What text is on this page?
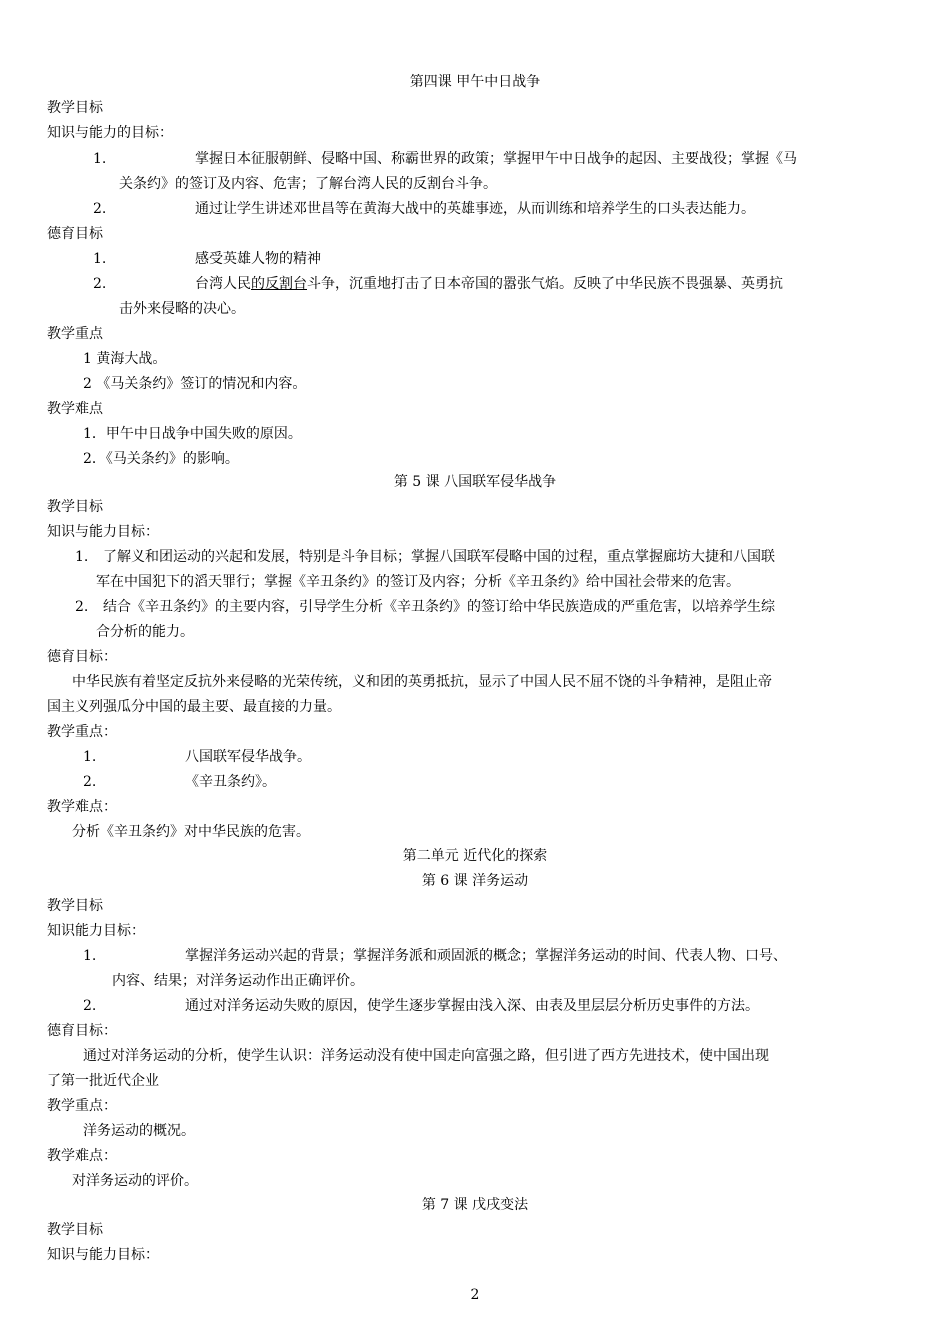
第四课 甲午中日战争
教学目标
知识与能力的目标：
1.	掌握日本征服朝鲜、侵略中国、称霸世界的政策；掌握甲午中日战争的起因、主要战役；掌握《马
关条约》的签订及内容、危害；了解台湾人民的反割台斗争。
2.	通过让学生讲述邓世昌等在黄海大战中的英雄事迹，从而训练和培养学生的口头表达能力。
德育目标
1.	感受英雄人物的精神
2.	台湾人民的反割台斗争，沉重地打击了日本帝国的嚣张气焰。反映了中华民族不畏强暴、英勇抗
击外来侵略的决心。
教学重点
1 黄海大战。
2 《马关条约》签订的情况和内容。
教学难点
1．甲午中日战争中国失败的原因。
2．《马关条约》的影响。
第 5 课 八国联军侵华战争
教学目标
知识与能力目标：
1. 了解义和团运动的兴起和发展，特别是斗争目标；掌握八国联军侵略中国的过程，重点掌握廊坊大捷和八国联
军在中国犯下的滔天罪行；掌握《辛丑条约》的签订及内容；分析《辛丑条约》给中国社会带来的危害。
2. 结合《辛丑条约》的主要内容，引导学生分析《辛丑条约》的签订给中华民族造成的严重危害，以培养学生综
合分析的能力。
德育目标：
中华民族有着坚定反抗外来侵略的光荣传统，义和团的英勇抵抗，显示了中国人民不屈不饶的斗争精神，是阻止帝
国主义列强瓜分中国的最主要、最直接的力量。
教学重点：
1.	八国联军侵华战争。
2.	《辛丑条约》。
教学难点：
分析《辛丑条约》对中华民族的危害。
第二单元 近代化的探索
第 6 课 洋务运动
教学目标
知识能力目标：
1.	掌握洋务运动兴起的背景；掌握洋务派和顽固派的概念；掌握洋务运动的时间、代表人物、口号、
内容、结果；对洋务运动作出正确评价。
2.	通过对洋务运动失败的原因，使学生逐步掌握由浅入深、由表及里层层分析历史事件的方法。
德育目标：
通过对洋务运动的分析，使学生认识：洋务运动没有使中国走向富强之路，但引进了西方先进技术，使中国出现
了第一批近代企业
教学重点：
洋务运动的概况。
教学难点：
对洋务运动的评价。
第 7 课 戊戌变法
教学目标
知识与能力目标：
2
